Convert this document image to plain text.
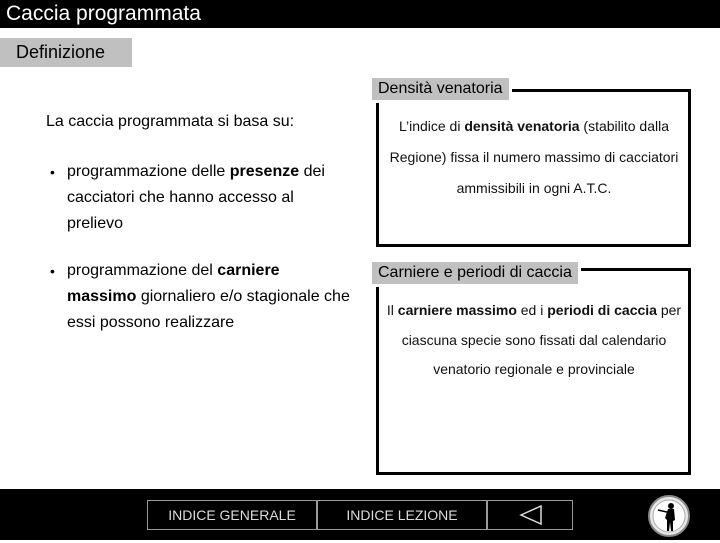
Caccia programmata
Definizione
La caccia programmata si basa su:
• programmazione delle presenze dei cacciatori che hanno accesso al prelievo
• programmazione del carniere massimo giornaliero e/o stagionale che essi possono realizzare
Densità venatoria
L’indice di densità venatoria (stabilito dalla Regione) fissa il numero massimo di cacciatori ammissibili in ogni A.T.C.
Carniere e periodi di caccia
Il carniere massimo ed i periodi di caccia per ciascuna specie sono fissati dal calendario venatorio regionale e provinciale
INDICE GENERALE	INDICE LEZIONE
